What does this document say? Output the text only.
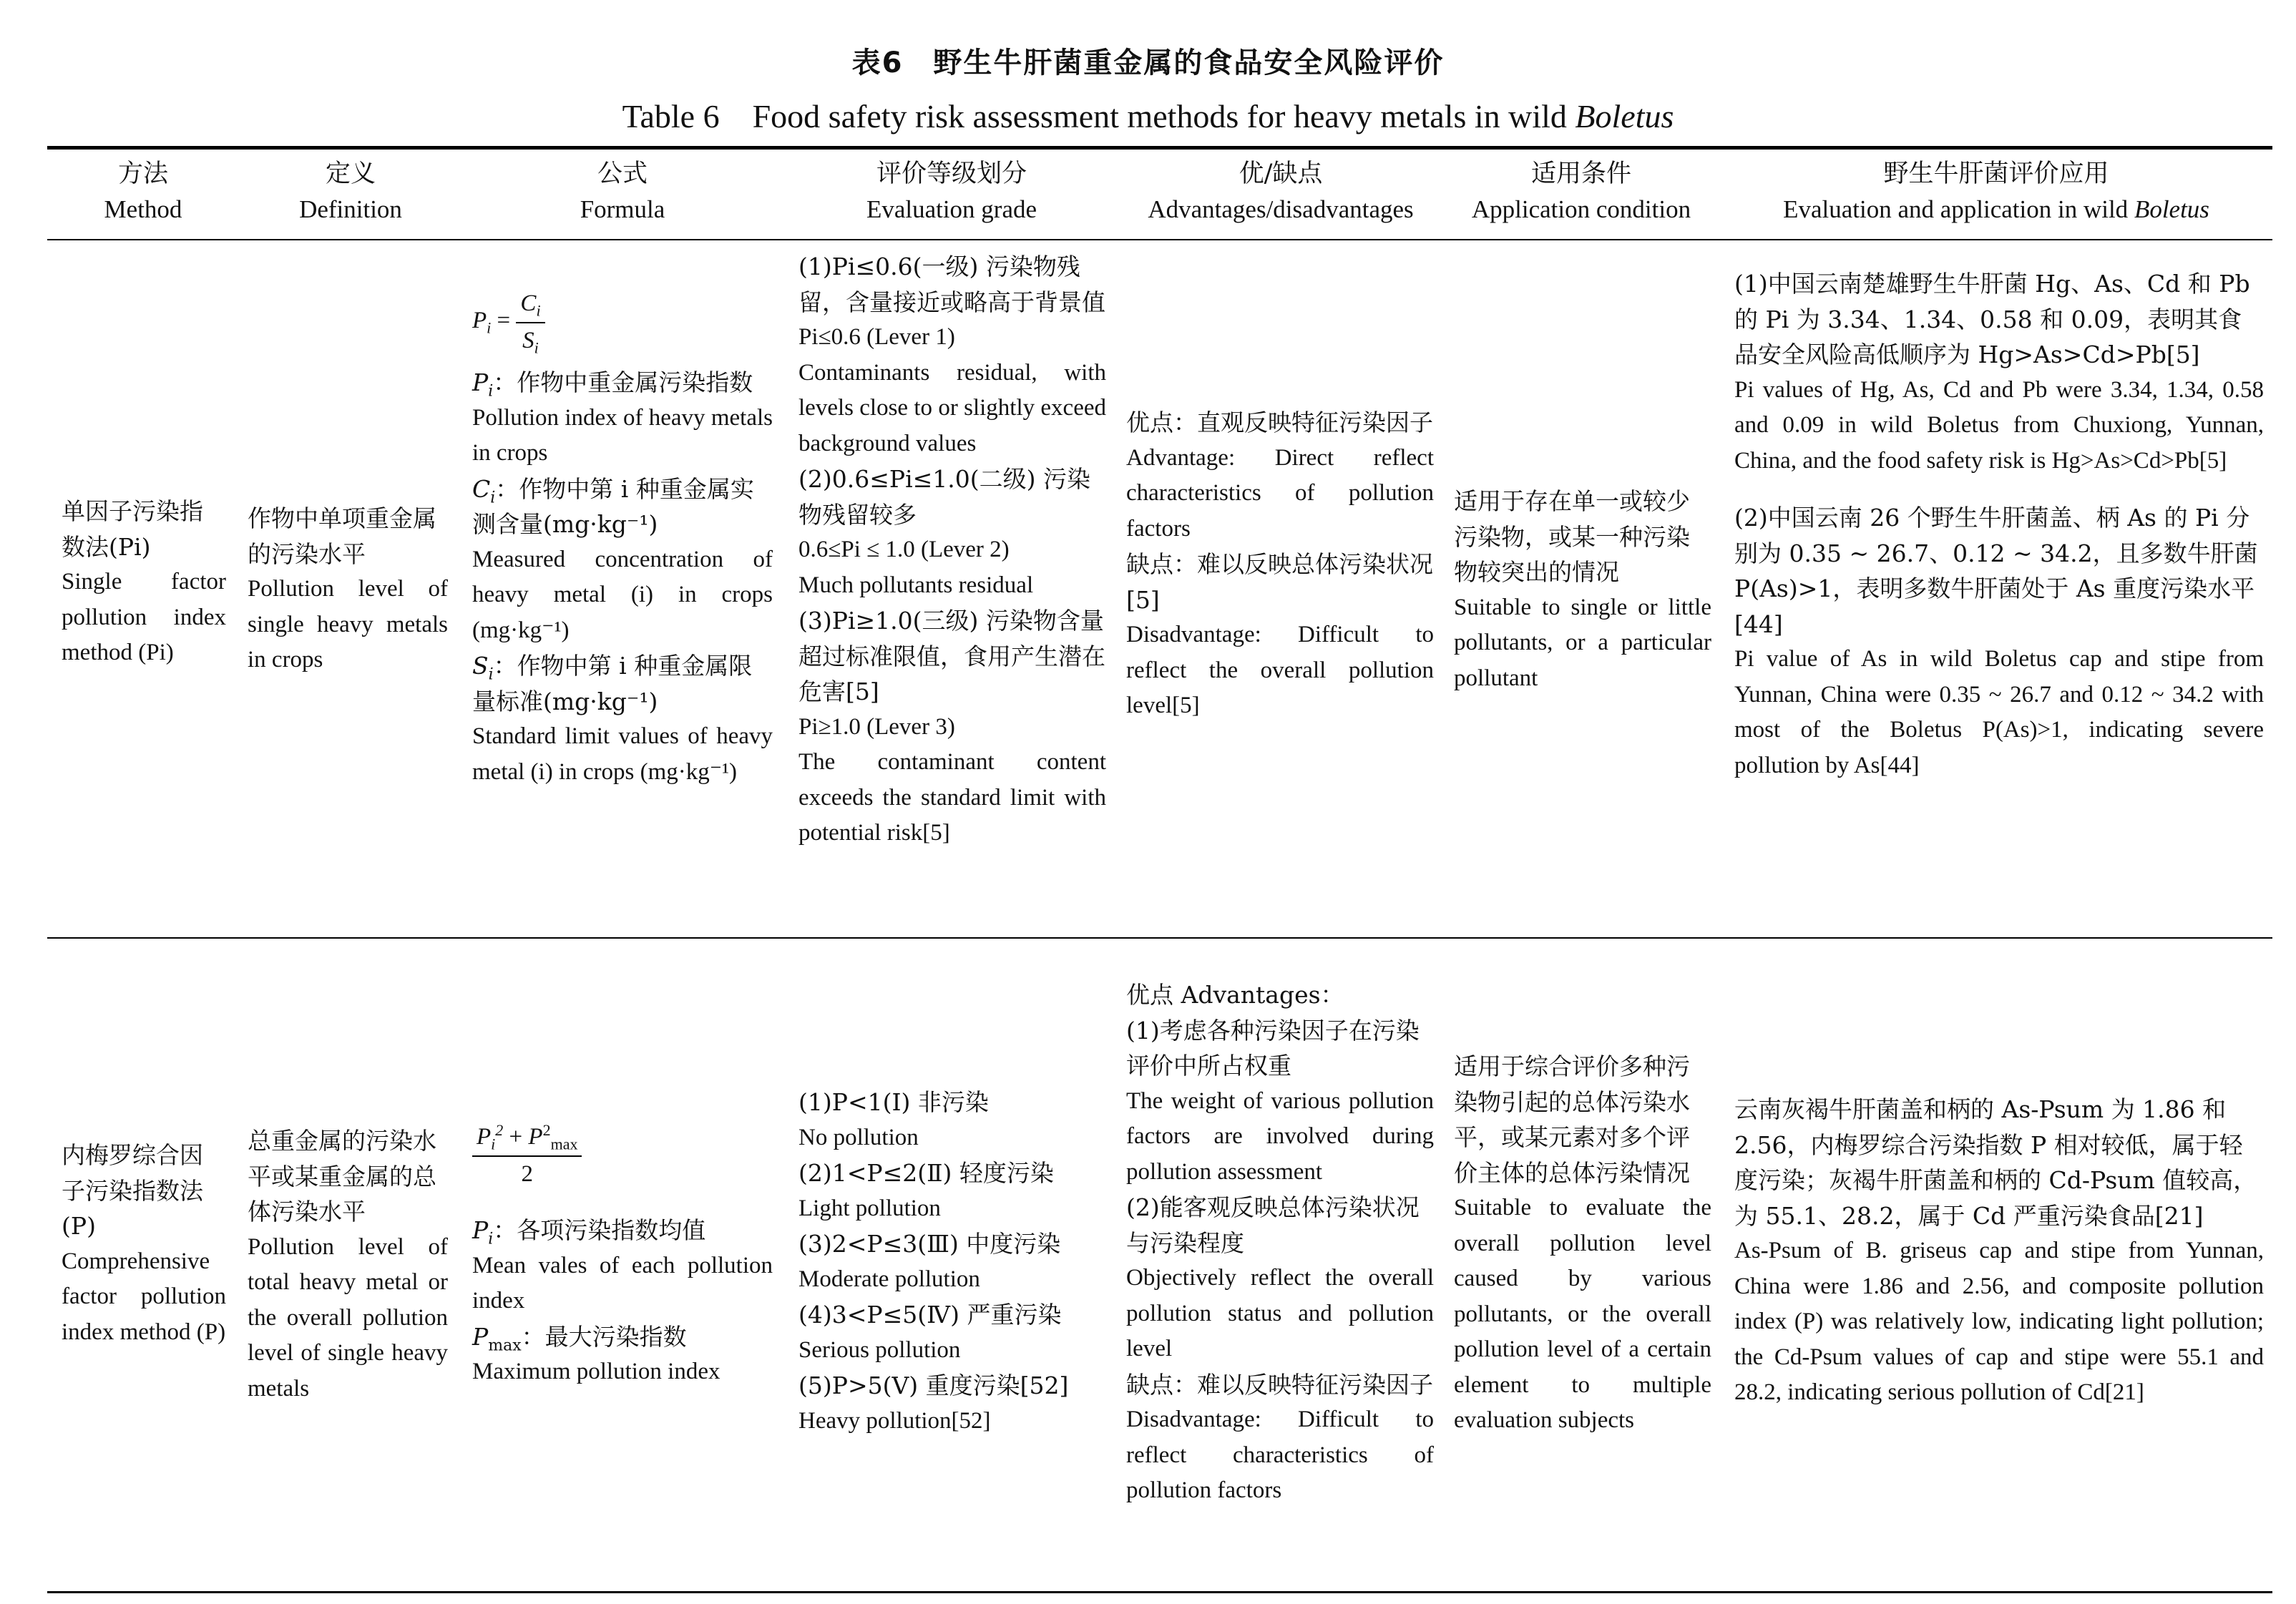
表6　野生牛肝菌重金属的食品安全风险评价
Table 6　Food safety risk assessment methods for heavy metals in wild Boletus
方法
Method
定义
Definition
公式
Formula
评价等级划分
Evaluation grade
优/缺点
Advantages/disadvantages
适用条件
Application condition
野生牛肝菌评价应用
Evaluation and application in wild Boletus
单因子污染指数法(Pi)
Single factor pollution index method (Pi)
作物中单项重金属的污染水平
Pollution level of single heavy metals in crops
$P_i = \frac{C_i}{S_i}$
$P_i$：作物中重金属污染指数
Pollution index of heavy metals in crops
$C_i$：作物中第 i 种重金属实测含量(mg·kg⁻¹)
Measured concentration of heavy metal (i) in crops (mg·kg⁻¹)
$S_i$：作物中第 i 种重金属限量标准(mg·kg⁻¹)
Standard limit values of heavy metal (i) in crops (mg·kg⁻¹)
(1)Pi≤0.6(一级) 污染物残留，含量接近或略高于背景值
Pi≤0.6 (Lever 1)
Contaminants residual, with levels close to or slightly exceed background values
(2)0.6≤Pi≤1.0(二级) 污染物残留较多
0.6≤Pi ≤ 1.0 (Lever 2)
Much pollutants residual
(3)Pi≥1.0(三级) 污染物含量超过标准限值，食用产生潜在危害[5]
Pi≥1.0 (Lever 3)
The contaminant content exceeds the standard limit with potential risk[5]
优点：直观反映特征污染因子
Advantage: Direct reflect characteristics of pollution factors
缺点：难以反映总体污染状况[5]
Disadvantage: Difficult to reflect the overall pollution level[5]
适用于存在单一或较少污染物，或某一种污染物较突出的情况
Suitable to single or little pollutants, or a particular pollutant
(1)中国云南楚雄野生牛肝菌 Hg、As、Cd 和 Pb 的 Pi 为 3.34、1.34、0.58 和 0.09，表明其食品安全风险高低顺序为 Hg>As>Cd>Pb[5]
Pi values of Hg, As, Cd and Pb were 3.34, 1.34, 0.58 and 0.09 in wild Boletus from Chuxiong, Yunnan, China, and the food safety risk is Hg>As>Cd>Pb[5]
(2)中国云南 26 个野生牛肝菌盖、柄 As 的 Pi 分别为 0.35 ~ 26.7、0.12 ~ 34.2，且多数牛肝菌 P(As)>1，表明多数牛肝菌处于 As 重度污染水平[44]
Pi value of As in wild Boletus cap and stipe from Yunnan, China were 0.35 ~ 26.7 and 0.12 ~ 34.2 with most of the Boletus P(As)>1, indicating severe pollution by As[44]
内梅罗综合因子污染指数法(P)
Comprehensive factor pollution index method (P)
总重金属的污染水平或某重金属的总体污染水平
Pollution level of total heavy metal or the overall pollution level of single heavy metals
$\frac{P_i^2 + P^2_{max}}{2}$
$P_i$：各项污染指数均值
Mean vales of each pollution index
$P_{max}$：最大污染指数
Maximum pollution index
(1)P<1(Ⅰ) 非污染
No pollution
(2)1<P≤2(Ⅱ) 轻度污染
Light pollution
(3)2<P≤3(Ⅲ) 中度污染
Moderate pollution
(4)3<P≤5(Ⅳ) 严重污染
Serious pollution
(5)P>5(Ⅴ) 重度污染[52]
Heavy pollution[52]
优点 Advantages：
(1)考虑各种污染因子在污染评价中所占权重
The weight of various pollution factors are involved during pollution assessment
(2)能客观反映总体污染状况与污染程度
Objectively reflect the overall pollution status and pollution level
缺点：难以反映特征污染因子
Disadvantage: Difficult to reflect characteristics of pollution factors
适用于综合评价多种污染物引起的总体污染水平，或某元素对多个评价主体的总体污染情况
Suitable to evaluate the overall pollution level caused by various pollutants, or the overall pollution level of a certain element to multiple evaluation subjects
云南灰褐牛肝菌盖和柄的 As-Psum 为 1.86 和 2.56，内梅罗综合污染指数 P 相对较低，属于轻度污染；灰褐牛肝菌盖和柄的 Cd-Psum 值较高，为 55.1、28.2，属于 Cd 严重污染食品[21]
As-Psum of B. griseus cap and stipe from Yunnan, China were 1.86 and 2.56, and composite pollution index (P) was relatively low, indicating light pollution; the Cd-Psum values of cap and stipe were 55.1 and 28.2, indicating serious pollution of Cd[21]
